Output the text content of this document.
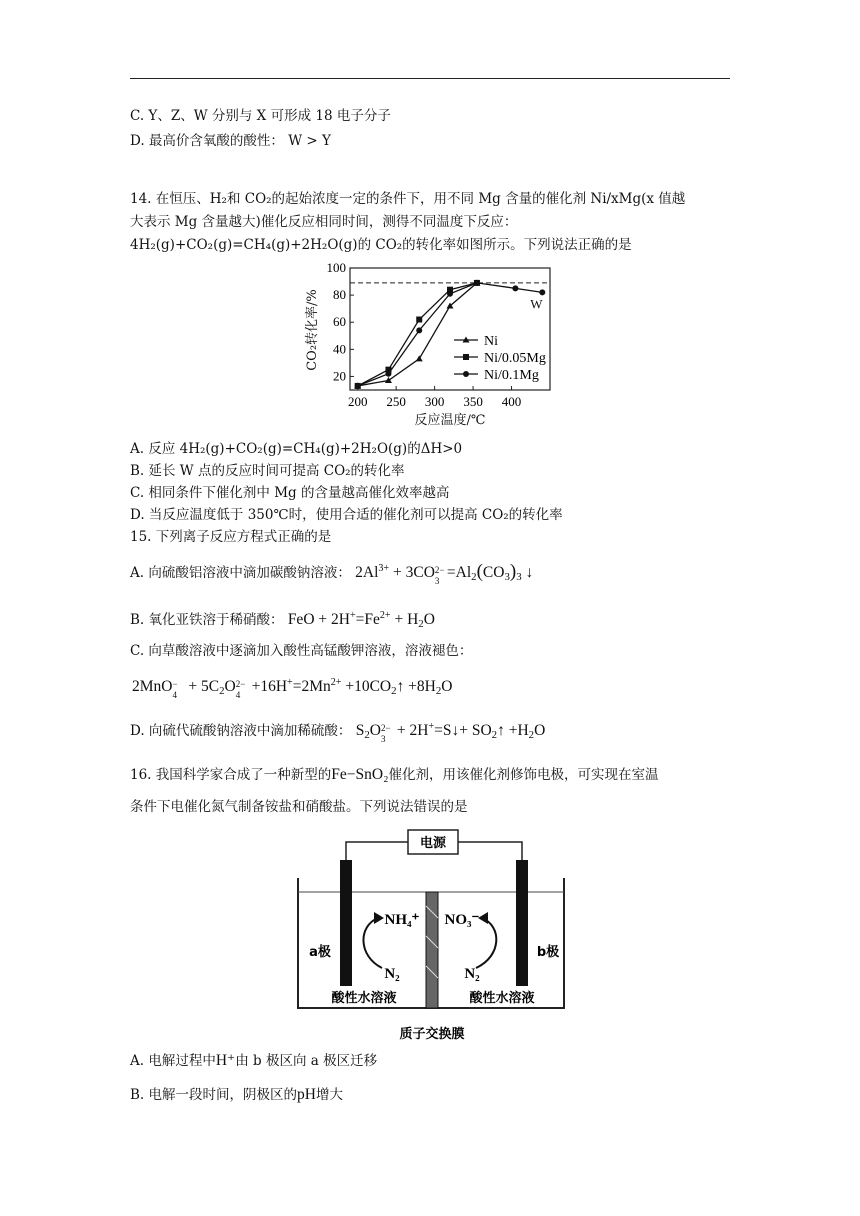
C. Y、Z、W 分别与 X 可形成 18 电子分子
D. 最高价含氧酸的酸性： W > Y
14. 在恒压、H₂和 CO₂的起始浓度一定的条件下，用不同 Mg 含量的催化剂 Ni/xMg(x 值越
大表示 Mg 含量越大)催化反应相同时间，测得不同温度下反应：
4H₂(g)+CO₂(g)=CH₄(g)+2H₂O(g)的 CO₂的转化率如图所示。下列说法正确的是
200 250 300 350 400
20
40
60
80
100
W
Ni
Ni/0.05Mg
Ni/0.1Mg
CO₂转化率/%
反应温度/℃
A. 反应 4H₂(g)+CO₂(g)=CH₄(g)+2H₂O(g)的ΔH>0
B. 延长 W 点的反应时间可提高 CO₂的转化率
C. 相同条件下催化剂中 Mg 的含量越高催化效率越高
D. 当反应温度低于 350℃时，使用合适的催化剂可以提高 CO₂的转化率
15. 下列离子反应方程式正确的是
A. 向硫酸铝溶液中滴加碳酸钠溶液： $2Al^{3+} + 3CO$ 2−
3
$=Al_2(CO_3)_3$ ↓
B. 氧化亚铁溶于稀硝酸： FeO + $2H^+=Fe^{2+} + H_2O$
C. 向草酸溶液中逐滴加入酸性高锰酸钾溶液，溶液褪色：
2MnO −
4
+ $5C_2O$ 2−
4
$+16H^+=2Mn^{2+}$ $+10CO_2↑ +8H_2O$
D. 向硫代硫酸钠溶液中滴加稀硫酸： $S_2O$ 2−
3
+ 2H+=S↓+ $SO_2↑ +H_2O$
16. 我国科学家合成了一种新型的Fe−SnO₂催化剂，用该催化剂修饰电极，可实现在室温
条件下电催化氮气制备铵盐和硝酸盐。下列说法错误的是
电源
a极	b极
NH₄⁺ NO₃⁻
N₂	N₂
酸性水溶液	酸性水溶液
质子交换膜
A. 电解过程中H⁺由 b 极区向 a 极区迁移
B. 电解一段时间，阴极区的pH增大
